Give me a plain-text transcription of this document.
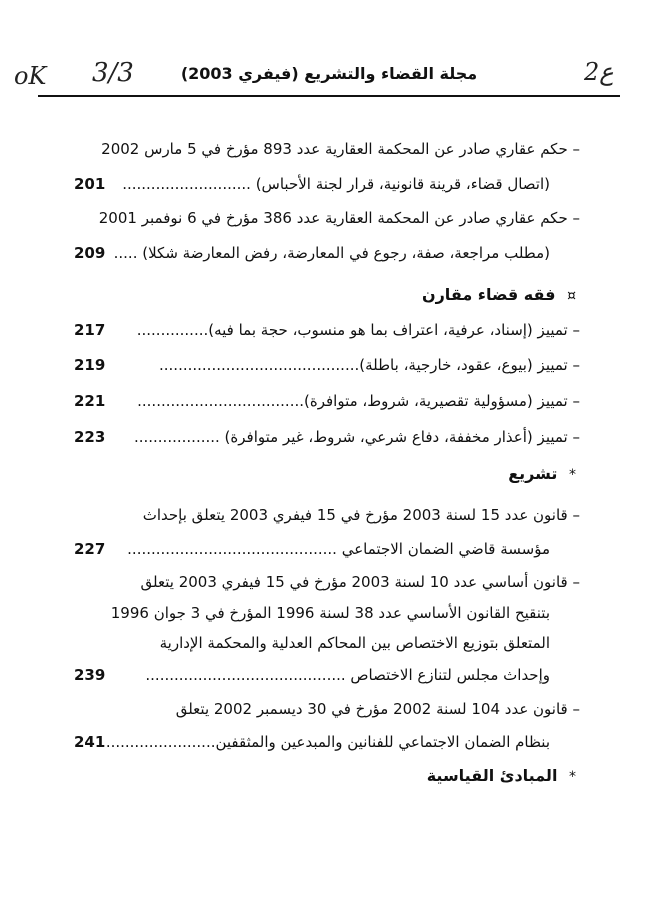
oK 3/3	2ع
مجلة القضاء والتشريع (فيفري 2003)
– حكم عقاري صادر عن المحكمة العقارية عدد 893 مؤرخ في 5 مارس 2002
(اتصال قضاء، قرينة قانونية، قرار لجنة الأحباس) ...........................
201
– حكم عقاري صادر عن المحكمة العقارية عدد 386 مؤرخ في 6 نوفمبر 2001
(مطلب مراجعة، صفة، رجوع في المعارضة، رفض المعارضة شكلا) .....
209
¤ فقه قضاء مقارن
– تمييز (إسناد، عرفية، اعتراف بما هو منسوب، حجة بما فيه)...............
217
– تمييز (بيوع، عقود، خارجية، باطلة)..........................................
219
– تمييز (مسؤولية تقصيرية، شروط، متوافرة)...................................
221
– تمييز (أعذار مخففة، دفاع شرعي، شروط، غير متوافرة) ..................
223
* تشريع
– قانون عدد 15 لسنة 2003 مؤرخ في 15 فيفري 2003 يتعلق بإحداث
مؤسسة قاضي الضمان الاجتماعي ............................................
227
– قانون أساسي عدد 10 لسنة 2003 مؤرخ في 15 فيفري 2003 يتعلق
بتنقيح القانون الأساسي عدد 38 لسنة 1996 المؤرخ في 3 جوان 1996
المتعلق بتوزيع الاختصاص بين المحاكم العدلية والمحكمة الإدارية
وإحداث مجلس لتنازع الاختصاص ..........................................
239
– قانون عدد 104 لسنة 2002 مؤرخ في 30 ديسمبر 2002 يتعلق
بنظام الضمان الاجتماعي للفنانين والمبدعين والمثقفين.......................
241
* المبادئ القياسية
